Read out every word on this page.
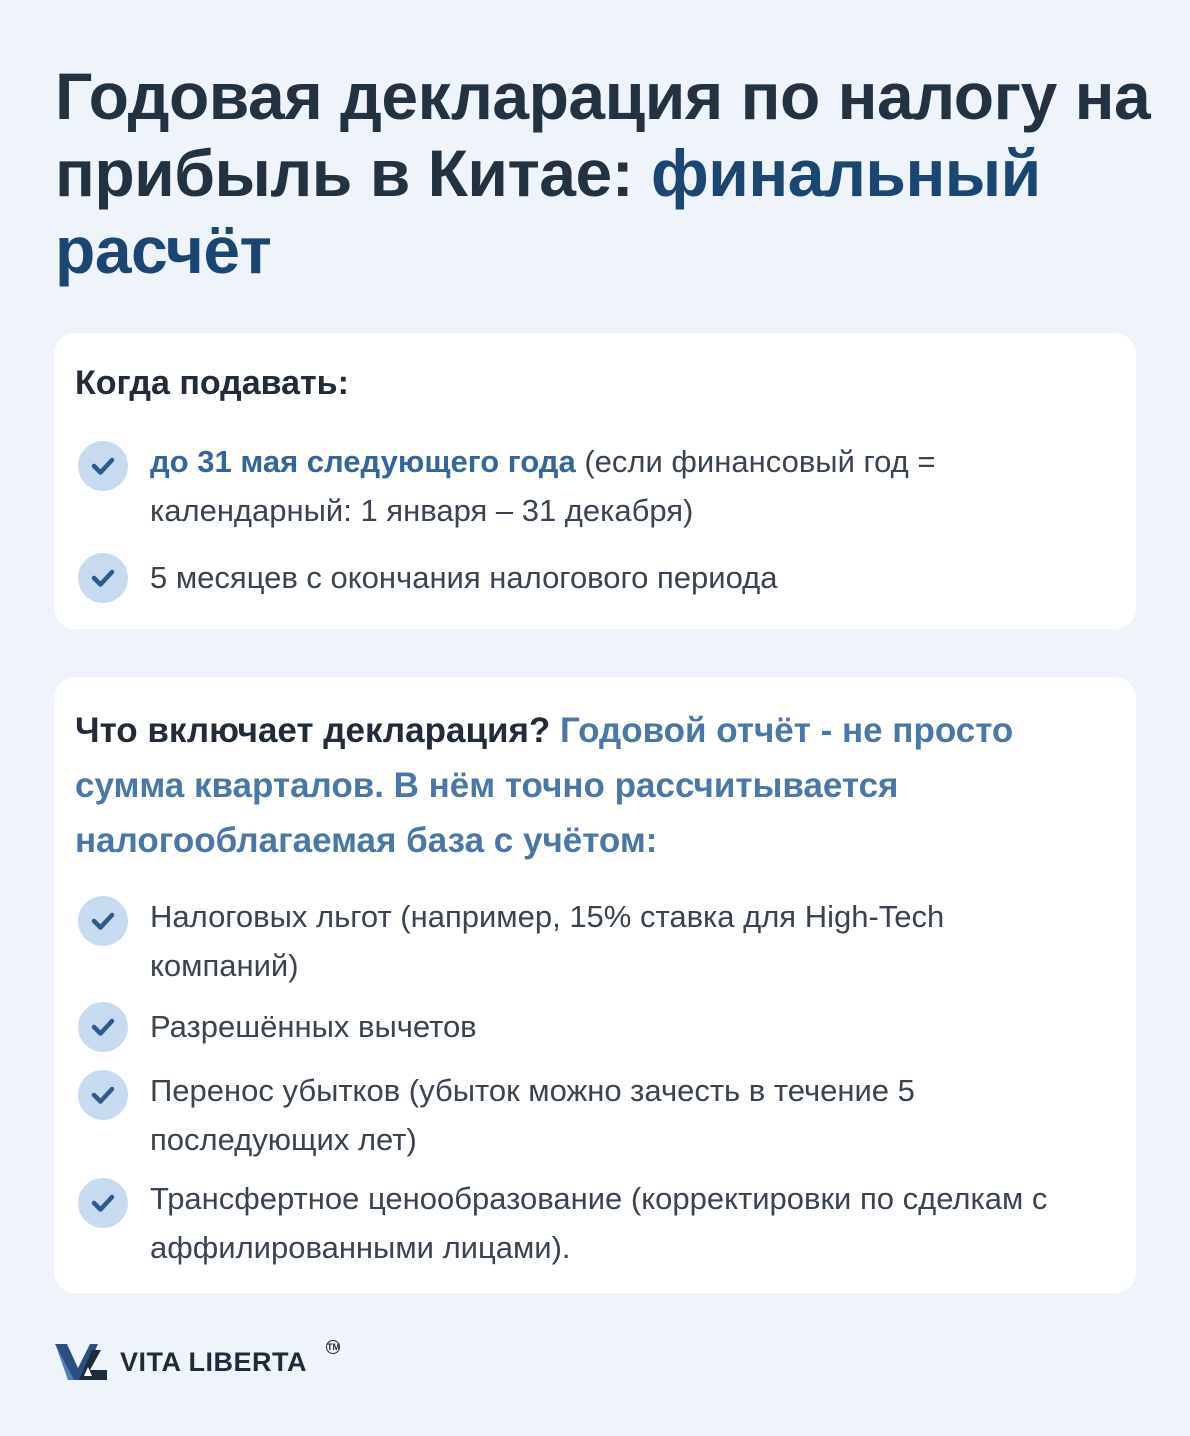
Годовая декларация по налогу на прибыль в Китае: финальный расчёт
Когда подавать:
до 31 мая следующего года (если финансовый год = календарный: 1 января – 31 декабря)
5 месяцев с окончания налогового периода
Что включает декларация? Годовой отчёт - не просто сумма кварталов. В нём точно рассчитывается налогооблагаемая база с учётом:
Налоговых льгот (например, 15% ставка для High-Tech компаний)
Разрешённых вычетов
Перенос убытков (убыток можно зачесть в течение 5 последующих лет)
Трансфертное ценообразование (корректировки по сделкам с аффилированными лицами).
VITA LIBERTA TM
